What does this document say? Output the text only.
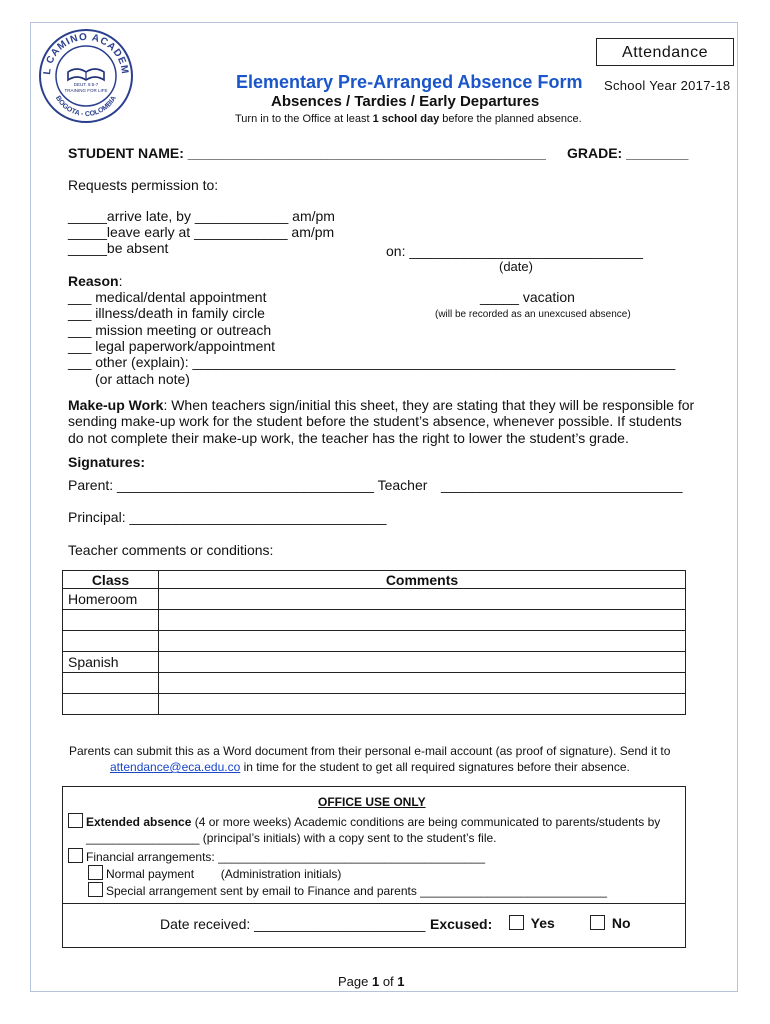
L CAMINO ACADEM
BOGOTA - COLOMBIA
DEUT. 6:5-7
TRAINING FOR LIFE
Attendance
Elementary Pre-Arranged Absence Form School Year 2017-18
Absences / Tardies / Early Departures
Turn in to the Office at least 1 school day before the planned absence.
STUDENT NAME: ______________________________________________ GRADE: ________
Requests permission to:
_____arrive late, by ____________ am/pm
_____leave early at ____________ am/pm
_____be absent	on: ______________________________
(date)
Reason:
___ medical/dental appointment
___ illness/death in family circle
___ mission meeting or outreach
___ legal paperwork/appointment
___ other (explain): ______________________________________________________________
(or attach note)
_____ vacation
(will be recorded as an unexcused absence)
Make-up Work: When teachers sign/initial this sheet, they are stating that they will be responsible for
sending make-up work for the student before the student’s absence, whenever possible. If students
do not complete their make-up work, the teacher has the right to lower the student’s grade.
Signatures:
Parent: _________________________________ Teacher _______________________________
Principal: _________________________________
Teacher comments or conditions:
Class	Comments
Homeroom	

Spanish	

Parents can submit this as a Word document from their personal e-mail account (as proof of signature). Send it to
attendance@eca.edu.co in time for the student to get all required signatures before their absence.
OFFICE USE ONLY
Extended absence (4 or more weeks) Academic conditions are being communicated to parents/students by
_________________ (principal’s initials) with a copy sent to the student’s file.
Financial arrangements: ________________________________________
Normal payment        (Administration initials)
Special arrangement sent by email to Finance and parents ____________________________
Date received: ______________________ Excused:	Yes	No
Page 1 of 1
